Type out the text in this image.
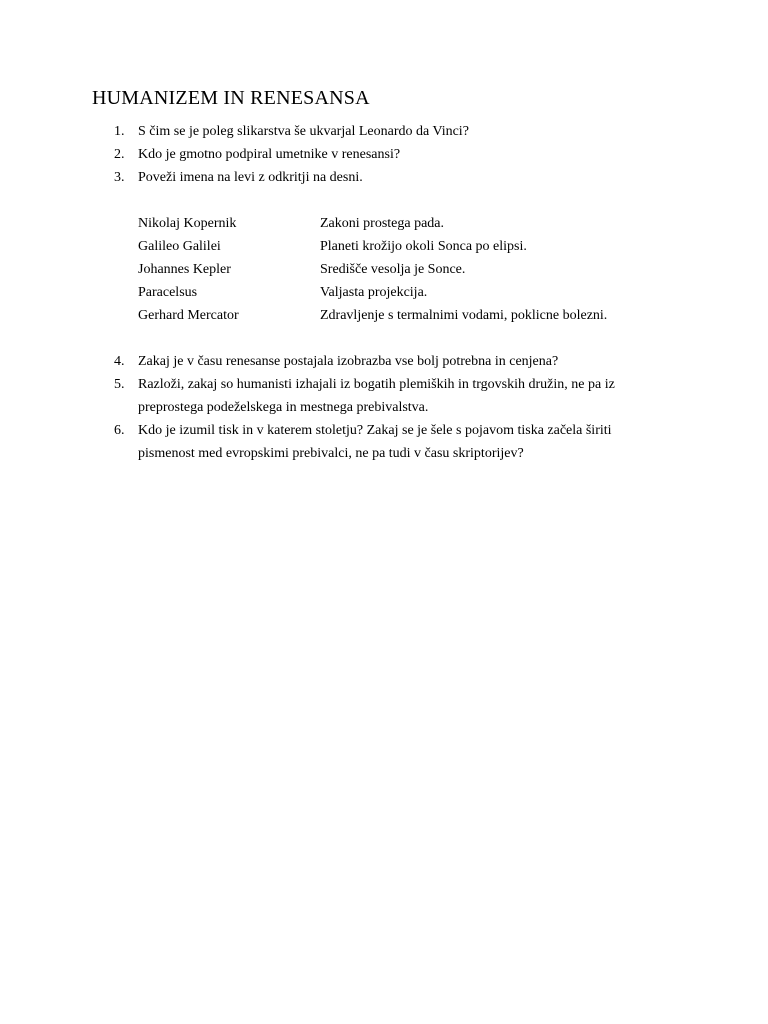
HUMANIZEM IN RENESANSA
1. S čim se je poleg slikarstva še ukvarjal Leonardo da Vinci?
2. Kdo je gmotno podpiral umetnike v renesansi?
3. Poveži imena na levi z odkritji na desni.
Nikolaj Kopernik	Zakoni prostega pada.
Galileo Galilei	Planeti krožijo okoli Sonca po elipsi.
Johannes Kepler	Središče vesolja je Sonce.
Paracelsus	Valjasta projekcija.
Gerhard Mercator	Zdravljenje s termalnimi vodami, poklicne bolezni.
4. Zakaj je v času renesanse postajala izobrazba vse bolj potrebna in cenjena?
5. Razloži, zakaj so humanisti izhajali iz bogatih plemiških in trgovskih družin, ne pa iz preprostega podeželskega in mestnega prebivalstva.
6. Kdo je izumil tisk in v katerem stoletju? Zakaj se je šele s pojavom tiska začela širiti pismenost med evropskimi prebivalci, ne pa tudi v času skriptorijev?
